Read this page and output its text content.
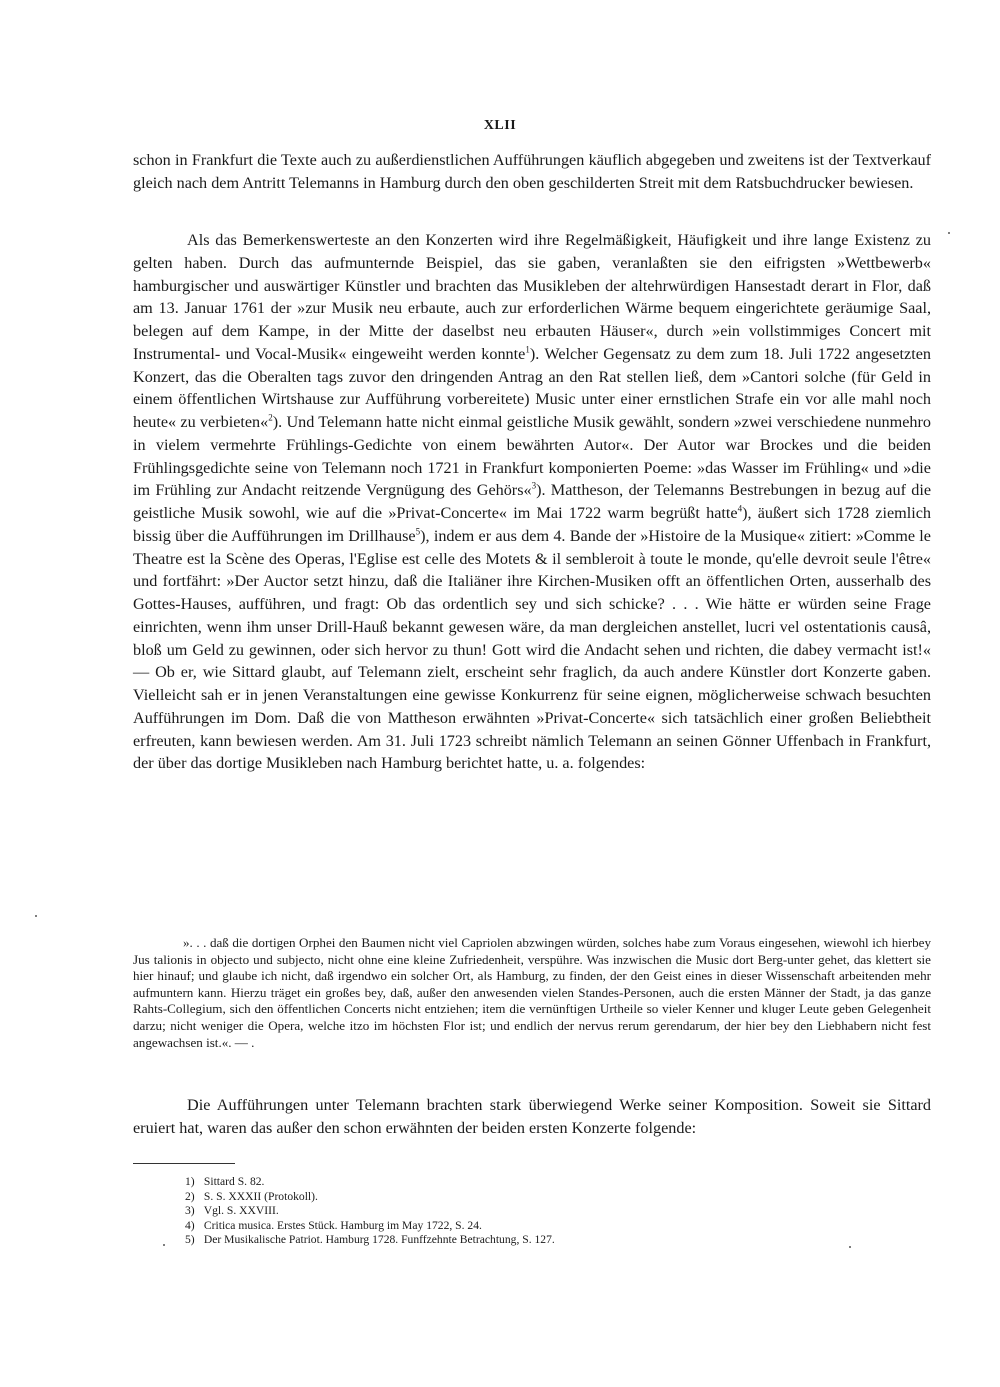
XLII

schon in Frankfurt die Texte auch zu außerdienstlichen Aufführungen käuflich abgegeben und zweitens ist der Textverkauf gleich nach dem Antritt Telemanns in Hamburg durch den oben geschilderten Streit mit dem Ratsbuchdrucker bewiesen.

Als das Bemerkenswerteste an den Konzerten wird ihre Regelmäßigkeit, Häufigkeit und ihre lange Existenz zu gelten haben. Durch das aufmunternde Beispiel, das sie gaben, veranlaßten sie den eifrigsten »Wettbewerb« hamburgischer und auswärtiger Künstler und brachten das Musikleben der altehrwürdigen Hansestadt derart in Flor, daß am 13. Januar 1761 der »zur Musik neu erbaute, auch zur erforderlichen Wärme bequem eingerichtete geräumige Saal, belegen auf dem Kampe, in der Mitte der daselbst neu erbauten Häuser«, durch »ein vollstimmiges Concert mit Instrumental- und Vocal-Musik« eingeweiht werden konnte$^1$). Welcher Gegensatz zu dem zum 18. Juli 1722 angesetzten Konzert, das die Oberalten tags zuvor den dringenden Antrag an den Rat stellen ließ, dem »Cantori solche (für Geld in einem öffentlichen Wirtshause zur Aufführung vorbereitete) Music unter einer ernstlichen Strafe ein vor alle mahl noch heute« zu verbieten«$^2$). Und Telemann hatte nicht einmal geistliche Musik gewählt, sondern »zwei verschiedene nunmehro in vielem vermehrte Frühlings-Gedichte von einem bewährten Autor«. Der Autor war Brockes und die beiden Frühlingsgedichte seine von Telemann noch 1721 in Frankfurt komponierten Poeme: »das Wasser im Frühling« und »die im Frühling zur Andacht reitzende Vergnügung des Gehörs«$^3$). Mattheson, der Telemanns Bestrebungen in bezug auf die geistliche Musik sowohl, wie auf die »Privat-Concerte« im Mai 1722 warm begrüßt hatte$^4$), äußert sich 1728 ziemlich bissig über die Aufführungen im Drillhause$^5$), indem er aus dem 4. Bande der »Histoire de la Musique« zitiert: »Comme le Theatre est la Scène des Operas, l'Eglise est celle des Motets & il sembleroit à toute le monde, qu'elle devroit seule l'être« und fortfährt: »Der Auctor setzt hinzu, daß die Italiäner ihre Kirchen-Musiken offt an öffentlichen Orten, ausserhalb des Gottes-Hauses, aufführen, und fragt: Ob das ordentlich sey und sich schicke? . . . Wie hätte er würden seine Frage einrichten, wenn ihm unser Drill-Hauß bekannt gewesen wäre, da man dergleichen anstellet, lucri vel ostentationis causâ, bloß um Geld zu gewinnen, oder sich hervor zu thun! Gott wird die Andacht sehen und richten, die dabey vermacht ist!« — Ob er, wie Sittard glaubt, auf Telemann zielt, erscheint sehr fraglich, da auch andere Künstler dort Konzerte gaben. Vielleicht sah er in jenen Veranstaltungen eine gewisse Konkurrenz für seine eignen, möglicherweise schwach besuchten Aufführungen im Dom. Daß die von Mattheson erwähnten »Privat-Concerte« sich tatsächlich einer großen Beliebtheit erfreuten, kann bewiesen werden. Am 31. Juli 1723 schreibt nämlich Telemann an seinen Gönner Uffenbach in Frankfurt, der über das dortige Musikleben nach Hamburg berichtet hatte, u. a. folgendes:

». . . daß die dortigen Orphei den Baumen nicht viel Capriolen abzwingen würden, solches habe zum Voraus eingesehen, wiewohl ich hierbey Jus talionis in objecto und subjecto, nicht ohne eine kleine Zufriedenheit, verspühre. Was inzwischen die Music dort Berg-unter gehet, das klettert sie hier hinauf; und glaube ich nicht, daß irgendwo ein solcher Ort, als Hamburg, zu finden, der den Geist eines in dieser Wissenschaft arbeitenden mehr aufmuntern kann. Hierzu träget ein großes bey, daß, außer den anwesenden vielen Standes-Personen, auch die ersten Männer der Stadt, ja das ganze Rahts-Collegium, sich den öffentlichen Concerts nicht entziehen; item die vernünftigen Urtheile so vieler Kenner und kluger Leute geben Gelegenheit darzu; nicht weniger die Opera, welche itzo im höchsten Flor ist; und endlich der nervus rerum gerendarum, der hier bey den Liebhabern nicht fest angewachsen ist.«. — .

Die Aufführungen unter Telemann brachten stark überwiegend Werke seiner Komposition. Soweit sie Sittard eruiert hat, waren das außer den schon erwähnten der beiden ersten Konzerte folgende:

1) Sittard S. 82.
2) S. S. XXXII (Protokoll).
3) Vgl. S. XXVIII.
4) Critica musica. Erstes Stück. Hamburg im May 1722, S. 24.
5) Der Musikalische Patriot. Hamburg 1728. Funffzehnte Betrachtung, S. 127.
